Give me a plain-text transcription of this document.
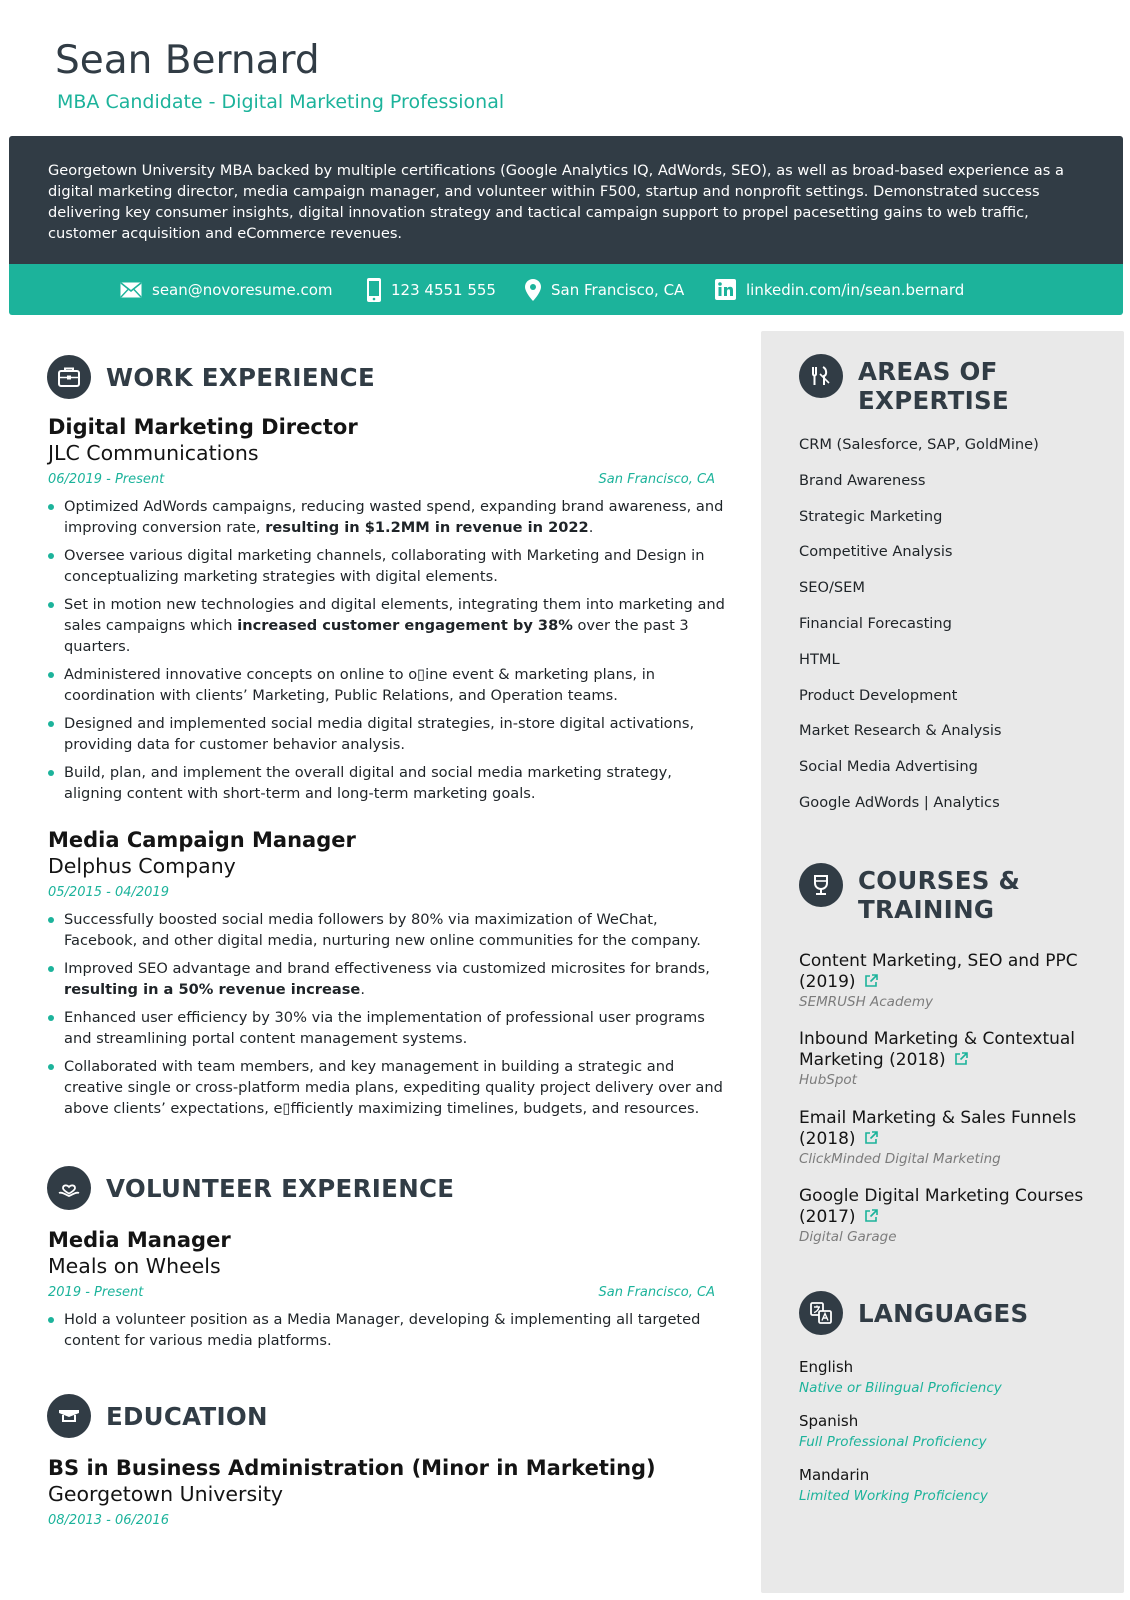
Sean Bernard
MBA Candidate - Digital Marketing Professional

Georgetown University MBA backed by multiple certifications (Google Analytics IQ, AdWords, SEO), as well as broad-based experience as a digital marketing director, media campaign manager, and volunteer within F500, startup and nonprofit settings. Demonstrated success delivering key consumer insights, digital innovation strategy and tactical campaign support to propel pacesetting gains to web traffic, customer acquisition and eCommerce revenues.

sean@novoresume.com	123 4551 555	San Francisco, CA	linkedin.com/in/sean.bernard
WORK EXPERIENCE
Digital Marketing Director
JLC Communications
06/2019 - Present	San Francisco, CA
Optimized AdWords campaigns, reducing wasted spend, expanding brand awareness, and improving conversion rate, resulting in $1.2MM in revenue in 2022.
Oversee various digital marketing channels, collaborating with Marketing and Design in conceptualizing marketing strategies with digital elements.
Set in motion new technologies and digital elements, integrating them into marketing and sales campaigns which increased customer engagement by 38% over the past 3 quarters.
Administered innovative concepts on online to o▯ine event & marketing plans, in coordination with clients’ Marketing, Public Relations, and Operation teams.
Designed and implemented social media digital strategies, in-store digital activations, providing data for customer behavior analysis.
Build, plan, and implement the overall digital and social media marketing strategy, aligning content with short-term and long-term marketing goals.
Media Campaign Manager
Delphus Company
05/2015 - 04/2019
Successfully boosted social media followers by 80% via maximization of WeChat, Facebook, and other digital media, nurturing new online communities for the company.
Improved SEO advantage and brand effectiveness via customized microsites for brands, resulting in a 50% revenue increase.
Enhanced user efficiency by 30% via the implementation of professional user programs and streamlining portal content management systems.
Collaborated with team members, and key management in building a strategic and creative single or cross-platform media plans, expediting quality project delivery over and above clients’ expectations, e▯fficiently maximizing timelines, budgets, and resources.
VOLUNTEER EXPERIENCE
Media Manager
Meals on Wheels
2019 - Present	San Francisco, CA
Hold a volunteer position as a Media Manager, developing & implementing all targeted content for various media platforms.
EDUCATION
BS in Business Administration (Minor in Marketing)
Georgetown University
08/2013 - 06/2016
AREAS OF
EXPERTISE
CRM (Salesforce, SAP, GoldMine)
Brand Awareness
Strategic Marketing
Competitive Analysis
SEO/SEM
Financial Forecasting
HTML
Product Development
Market Research & Analysis
Social Media Advertising
Google AdWords | Analytics
COURSES &
TRAINING
Content Marketing, SEO and PPC
(2019)
SEMRUSH Academy
Inbound Marketing & Contextual
Marketing (2018)
HubSpot
Email Marketing & Sales Funnels
(2018)
ClickMinded Digital Marketing
Google Digital Marketing Courses
(2017)
Digital Garage
LANGUAGES
English
Native or Bilingual Proficiency
Spanish
Full Professional Proficiency
Mandarin
Limited Working Proficiency
